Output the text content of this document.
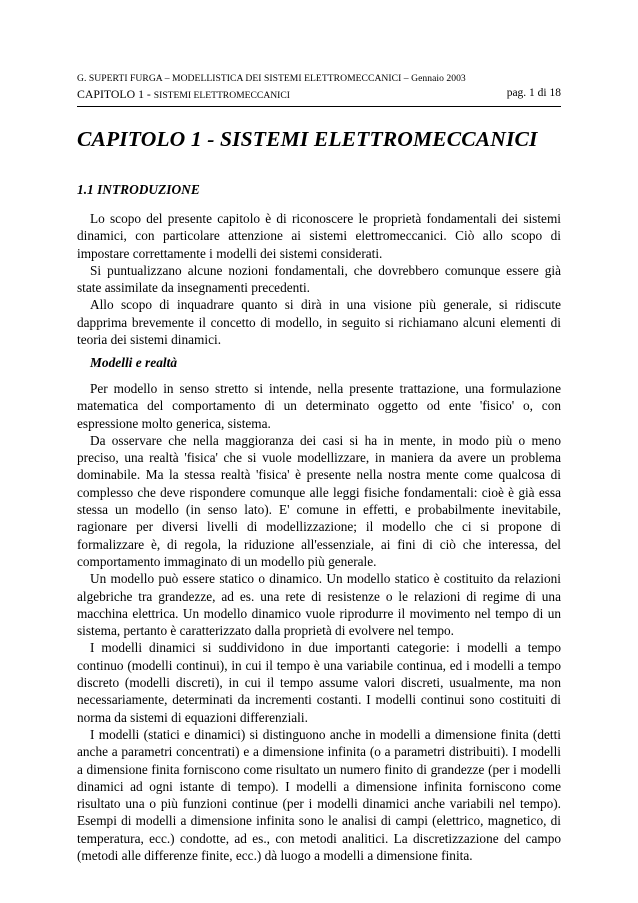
G. SUPERTI FURGA – MODELLISTICA DEI SISTEMI ELETTROMECCANICI – Gennaio 2003
CAPITOLO 1 - SISTEMI ELETTROMECCANICI	pag. 1 di 18
CAPITOLO 1 - SISTEMI ELETTROMECCANICI
1.1 INTRODUZIONE

Lo scopo del presente capitolo è di riconoscere le proprietà fondamentali dei sistemi dinamici, con particolare attenzione ai sistemi elettromeccanici. Ciò allo scopo di impostare correttamente i modelli dei sistemi considerati.

Si puntualizzano alcune nozioni fondamentali, che dovrebbero comunque essere già state assimilate da insegnamenti precedenti.

Allo scopo di inquadrare quanto si dirà in una visione più generale, si ridiscute dapprima brevemente il concetto di modello, in seguito si richiamano alcuni elementi di teoria dei sistemi dinamici.

Modelli e realtà

Per modello in senso stretto si intende, nella presente trattazione, una formulazione matematica del comportamento di un determinato oggetto od ente 'fisico' o, con espressione molto generica, sistema.

Da osservare che nella maggioranza dei casi si ha in mente, in modo più o meno preciso, una realtà 'fisica' che si vuole modellizzare, in maniera da avere un problema dominabile. Ma la stessa realtà 'fisica' è presente nella nostra mente come qualcosa di complesso che deve rispondere comunque alle leggi fisiche fondamentali: cioè è già essa stessa un modello (in senso lato). E' comune in effetti, e probabilmente inevitabile, ragionare per diversi livelli di modellizzazione; il modello che ci si propone di formalizzare è, di regola, la riduzione all'essenziale, ai fini di ciò che interessa, del comportamento immaginato di un modello più generale.

Un modello può essere statico o dinamico. Un modello statico è costituito da relazioni algebriche tra grandezze, ad es. una rete di resistenze o le relazioni di regime di una macchina elettrica. Un modello dinamico vuole riprodurre il movimento nel tempo di un sistema, pertanto è caratterizzato dalla proprietà di evolvere nel tempo.

I modelli dinamici si suddividono in due importanti categorie: i modelli a tempo continuo (modelli continui), in cui il tempo è una variabile continua, ed i modelli a tempo discreto (modelli discreti), in cui il tempo assume valori discreti, usualmente, ma non necessariamente, determinati da incrementi costanti. I modelli continui sono costituiti di norma da sistemi di equazioni differenziali.

I modelli (statici e dinamici) si distinguono anche in modelli a dimensione finita (detti anche a parametri concentrati) e a dimensione infinita (o a parametri distribuiti). I modelli a dimensione finita forniscono come risultato un numero finito di grandezze (per i modelli dinamici ad ogni istante di tempo). I modelli a dimensione infinita forniscono come risultato una o più funzioni continue (per i modelli dinamici anche variabili nel tempo). Esempi di modelli a dimensione infinita sono le analisi di campi (elettrico, magnetico, di temperatura, ecc.) condotte, ad es., con metodi analitici. La discretizzazione del campo (metodi alle differenze finite, ecc.) dà luogo a modelli a dimensione finita.
